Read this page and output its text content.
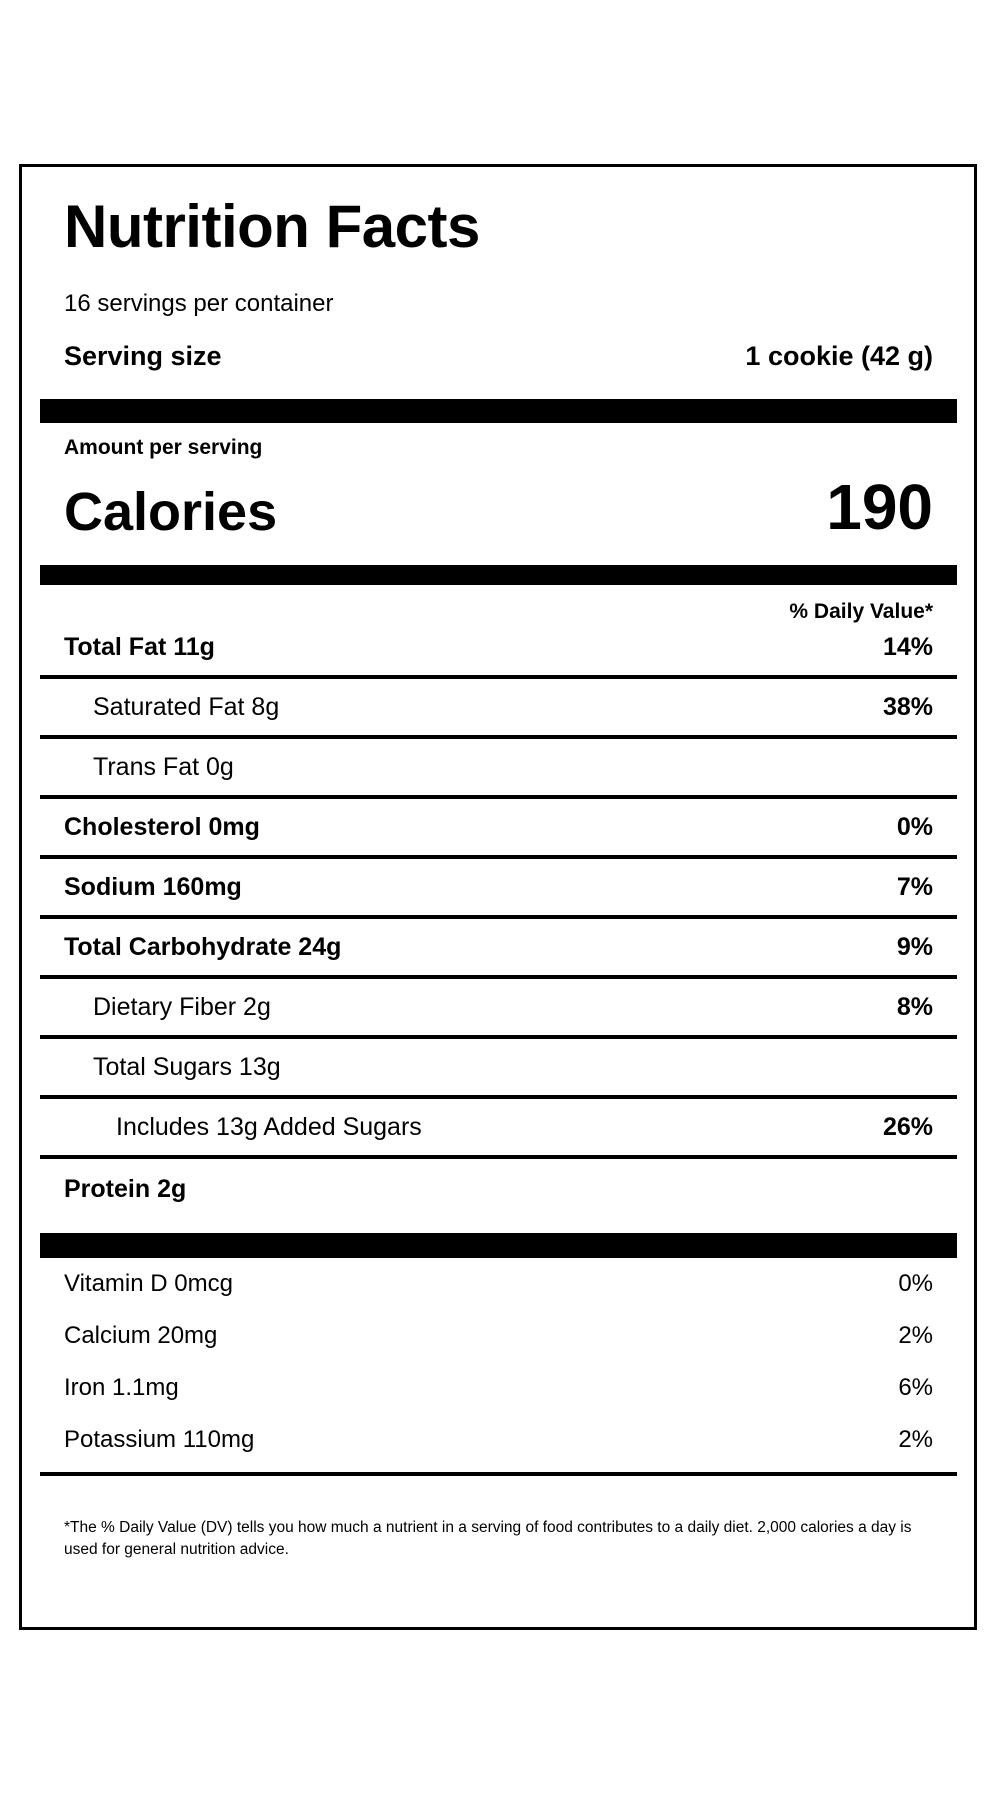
Nutrition Facts
16 servings per container
Serving size	1 cookie (42 g)
Amount per serving
Calories	190
% Daily Value*
Total Fat 11g	14%
Saturated Fat 8g	38%
Trans Fat 0g
Cholesterol 0mg	0%
Sodium 160mg	7%
Total Carbohydrate 24g	9%
Dietary Fiber 2g	8%
Total Sugars 13g
Includes 13g Added Sugars	26%
Protein 2g
Vitamin D 0mcg	0%
Calcium 20mg	2%
Iron 1.1mg	6%
Potassium 110mg	2%
*The % Daily Value (DV) tells you how much a nutrient in a serving of food contributes to a daily diet. 2,000 calories a day is used for general nutrition advice.
